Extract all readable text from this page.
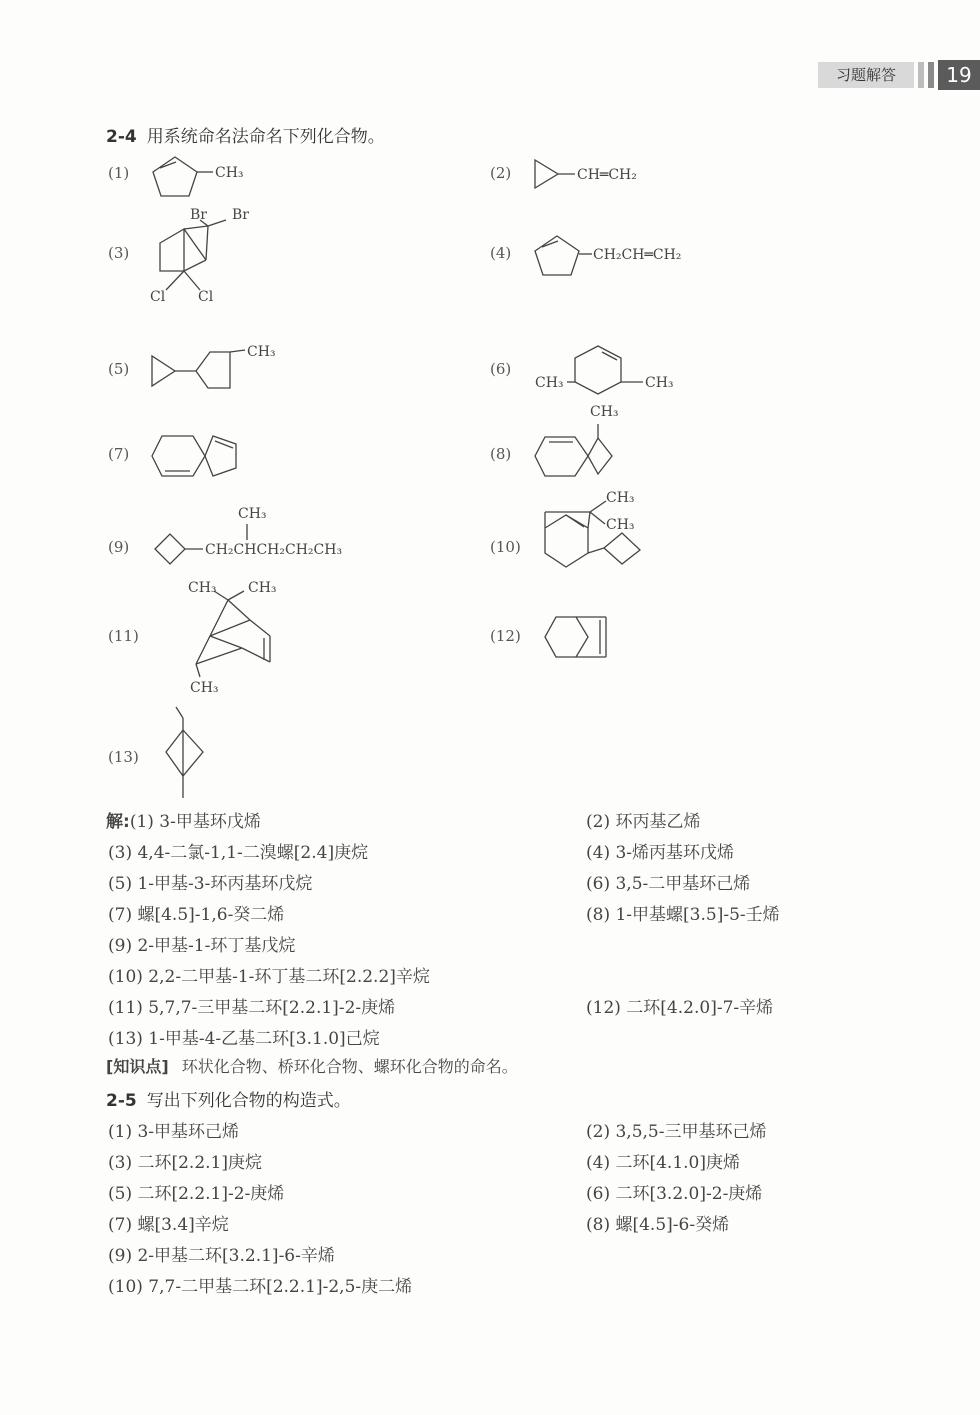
习题解答	19
2-4 用系统命名法命名下列化合物。
(1)	(2)
(3)	(4)
(5)	(6)
(7)	(8)
(9)	(10)
(11)	(12)
(13)
CH₃	CH═CH₂
Br Br
Cl Cl
CH₂CH═CH₂
CH₃
CH₃	CH₃
CH₃
CH₃
CH₂CHCH₂CH₂CH₃
CH₃
CH₃
CH₃ CH₃
CH₃
解:(1) 3-甲基环戊烯	(2) 环丙基乙烯
(3) 4,4-二氯-1,1-二溴螺[2.4]庚烷	(4) 3-烯丙基环戊烯
(5) 1-甲基-3-环丙基环戊烷	(6) 3,5-二甲基环己烯
(7) 螺[4.5]-1,6-癸二烯	(8) 1-甲基螺[3.5]-5-壬烯
(9) 2-甲基-1-环丁基戊烷
(10) 2,2-二甲基-1-环丁基二环[2.2.2]辛烷
(11) 5,7,7-三甲基二环[2.2.1]-2-庚烯	(12) 二环[4.2.0]-7-辛烯
(13) 1-甲基-4-乙基二环[3.1.0]己烷
[知识点] 环状化合物、桥环化合物、螺环化合物的命名。
2-5 写出下列化合物的构造式。
(1) 3-甲基环己烯	(2) 3,5,5-三甲基环己烯
(3) 二环[2.2.1]庚烷	(4) 二环[4.1.0]庚烯
(5) 二环[2.2.1]-2-庚烯	(6) 二环[3.2.0]-2-庚烯
(7) 螺[3.4]辛烷	(8) 螺[4.5]-6-癸烯
(9) 2-甲基二环[3.2.1]-6-辛烯
(10) 7,7-二甲基二环[2.2.1]-2,5-庚二烯
